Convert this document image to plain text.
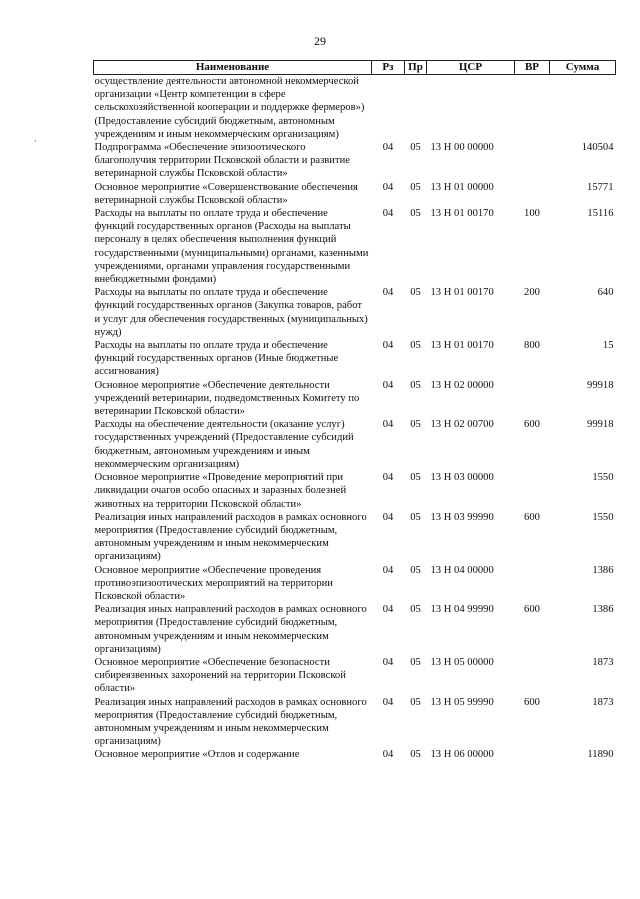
29
·
Наименование	Рз	Пр	ЦСР	ВР	Сумма
осуществление деятельности автономной некоммерческой организации «Центр компетенции в сфере сельскохозяйственной кооперации и поддержке фермеров») (Предоставление субсидий бюджетным, автономным учреждениям и иным некоммерческим организациям)					
Подпрограмма «Обеспечение эпизоотического благополучия территории Псковской области и развитие ветеринарной службы Псковской области»	04	05	13 Н 00 00000		140504
Основное мероприятие «Совершенствование обеспечения ветеринарной службы Псковской области»	04	05	13 Н 01 00000		15771
Расходы на выплаты по оплате труда и обеспечение функций государственных органов (Расходы на выплаты персоналу в целях обеспечения выполнения функций государственными (муниципальными) органами, казенными учреждениями, органами управления государственными внебюджетными фондами)	04	05	13 Н 01 00170	100	15116
Расходы на выплаты по оплате труда и обеспечение функций государственных органов (Закупка товаров, работ и услуг для обеспечения государственных (муниципальных) нужд)	04	05	13 Н 01 00170	200	640
Расходы на выплаты по оплате труда и обеспечение функций государственных органов (Иные бюджетные ассигнования)	04	05	13 Н 01 00170	800	15
Основное мероприятие «Обеспечение деятельности учреждений ветеринарии, подведомственных Комитету по ветеринарии Псковской области»	04	05	13 Н 02 00000		99918
Расходы на обеспечение деятельности (оказание услуг) государственных учреждений (Предоставление субсидий бюджетным, автономным учреждениям и иным некоммерческим организациям)	04	05	13 Н 02 00700	600	99918
Основное мероприятие «Проведение мероприятий при ликвидации очагов особо опасных и заразных болезней животных на территории Псковской области»	04	05	13 Н 03 00000		1550
Реализация иных направлений расходов в рамках основного мероприятия (Предоставление субсидий бюджетным, автономным учреждениям и иным некоммерческим организациям)	04	05	13 Н 03 99990	600	1550
Основное мероприятие «Обеспечение проведения противоэпизоотических мероприятий на территории Псковской области»	04	05	13 Н 04 00000		1386
Реализация иных направлений расходов в рамках основного мероприятия (Предоставление субсидий бюджетным, автономным учреждениям и иным некоммерческим организациям)	04	05	13 Н 04 99990	600	1386
Основное мероприятие «Обеспечение безопасности сибиреязвенных захоронений на территории Псковской области»	04	05	13 Н 05 00000		1873
Реализация иных направлений расходов в рамках основного мероприятия (Предоставление субсидий бюджетным, автономным учреждениям и иным некоммерческим организациям)	04	05	13 Н 05 99990	600	1873
Основное мероприятие «Отлов и содержание	04	05	13 Н 06 00000		11890
